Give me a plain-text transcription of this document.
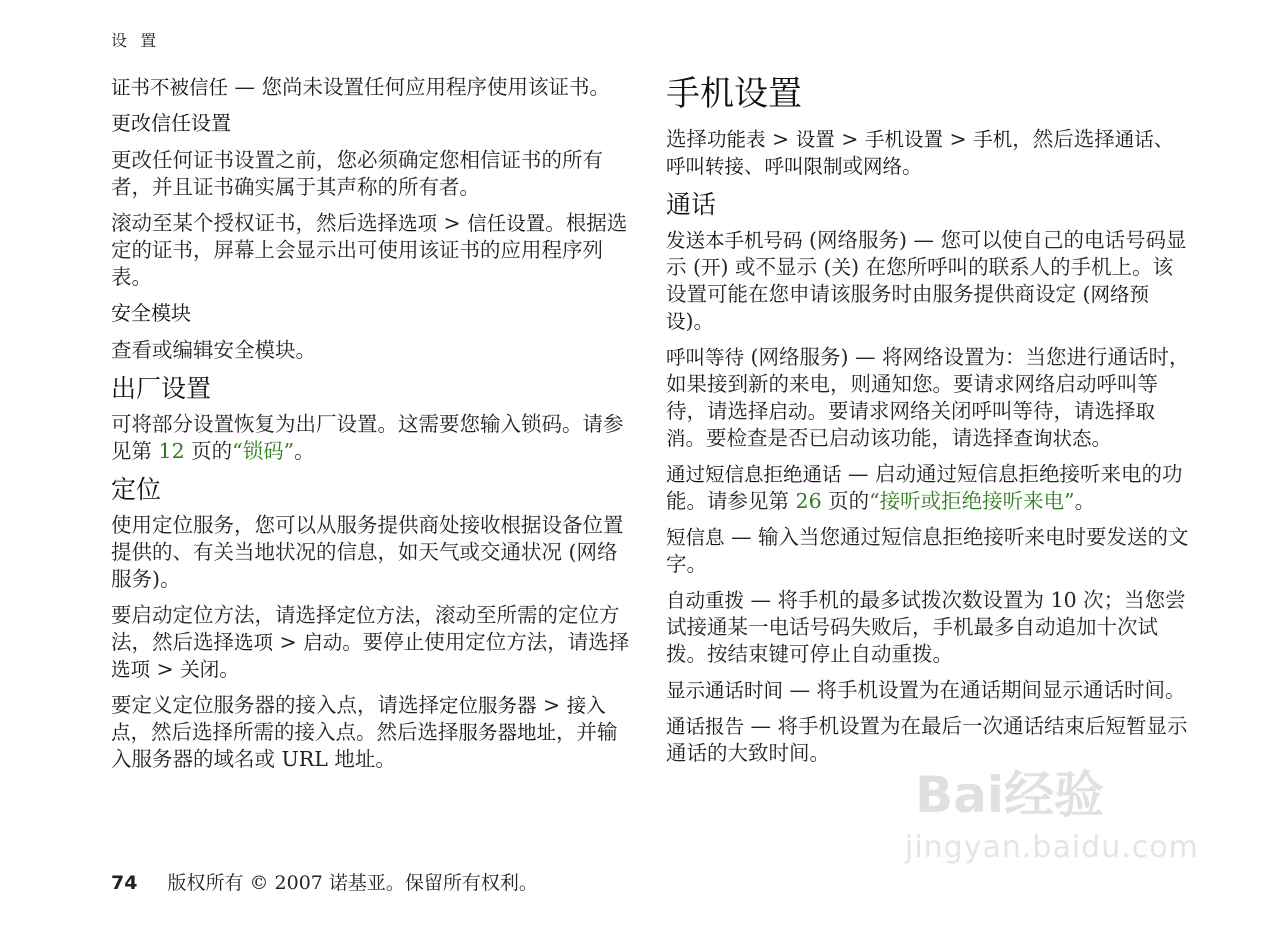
设 置

证书不被信任 — 您尚未设置任何应用程序使用该证书。

更改信任设置

更改任何证书设置之前，您必须确定您相信证书的所有者，并且证书确实属于其声称的所有者。

滚动至某个授权证书，然后选择选项 > 信任设置。根据选定的证书，屏幕上会显示出可使用该证书的应用程序列表。

安全模块

查看或编辑安全模块。

出厂设置

可将部分设置恢复为出厂设置。这需要您输入锁码。请参见第 12 页的“锁码”。

定位

使用定位服务，您可以从服务提供商处接收根据设备位置提供的、有关当地状况的信息，如天气或交通状况 (网络服务)。

要启动定位方法，请选择定位方法，滚动至所需的定位方法，然后选择选项 > 启动。要停止使用定位方法，请选择选项 > 关闭。

要定义定位服务器的接入点，请选择定位服务器 > 接入点，然后选择所需的接入点。然后选择服务器地址，并输入服务器的域名或 URL 地址。

手机设置

选择功能表 > 设置 > 手机设置 > 手机，然后选择通话、呼叫转接、呼叫限制或网络。

通话

发送本手机号码 (网络服务) — 您可以使自己的电话号码显示 (开) 或不显示 (关) 在您所呼叫的联系人的手机上。该设置可能在您申请该服务时由服务提供商设定 (网络预设)。

呼叫等待 (网络服务) — 将网络设置为：当您进行通话时，如果接到新的来电，则通知您。要请求网络启动呼叫等待，请选择启动。要请求网络关闭呼叫等待，请选择取消。要检查是否已启动该功能，请选择查询状态。

通过短信息拒绝通话 — 启动通过短信息拒绝接听来电的功能。请参见第 26 页的“接听或拒绝接听来电”。

短信息 — 输入当您通过短信息拒绝接听来电时要发送的文字。

自动重拨 — 将手机的最多试拨次数设置为 10 次；当您尝试接通某一电话号码失败后，手机最多自动追加十次试拨。按结束键可停止自动重拨。

显示通话时间 — 将手机设置为在通话期间显示通话时间。

通话报告 — 将手机设置为在最后一次通话结束后短暂显示通话的大致时间。

74 版权所有 © 2007 诺基亚。保留所有权利。
Bai经验
jingyan.baidu.com
